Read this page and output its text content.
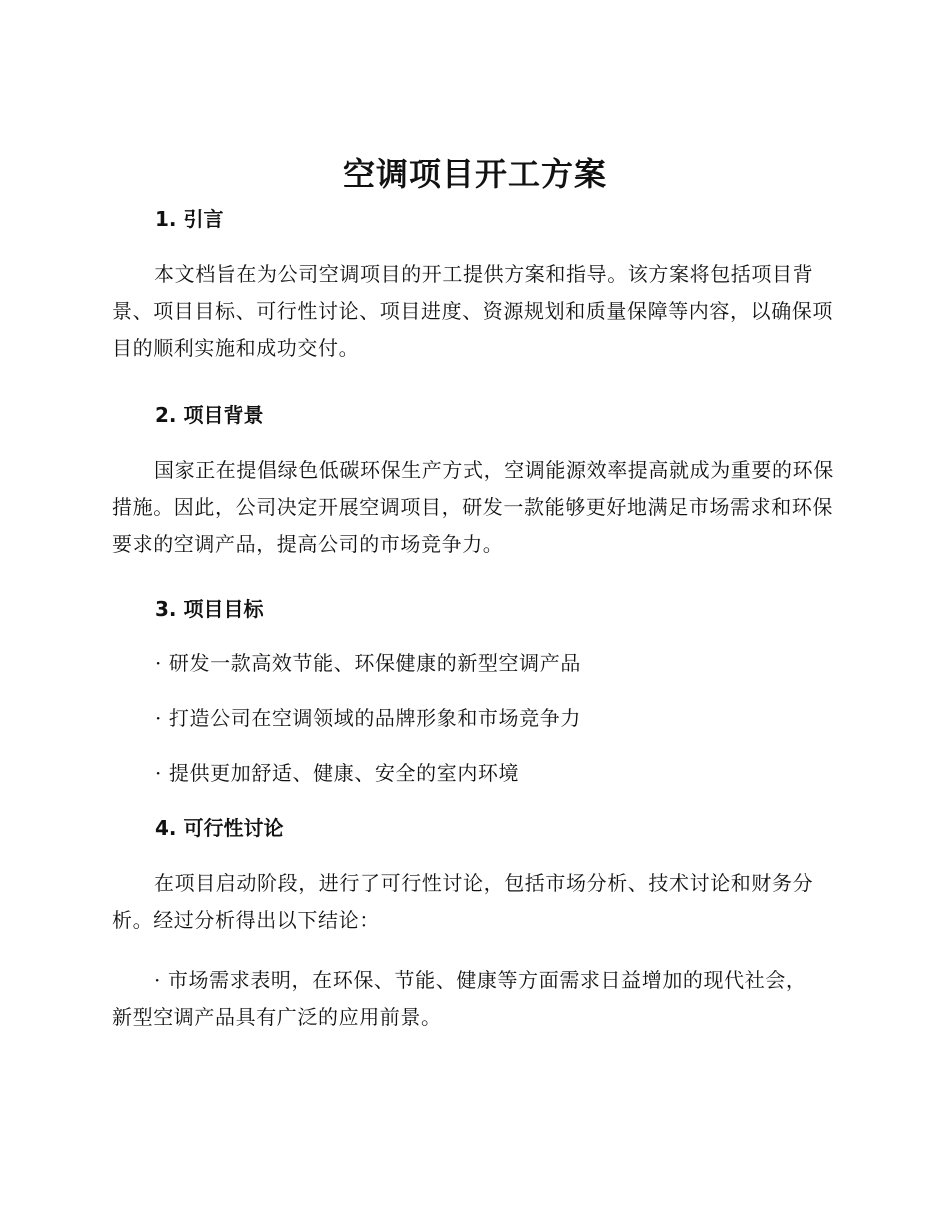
空调项目开工方案
1. 引言

本文档旨在为公司空调项目的开工提供方案和指导。该方案将包括项目背景、项目目标、可行性讨论、项目进度、资源规划和质量保障等内容，以确保项目的顺利实施和成功交付。

2. 项目背景

国家正在提倡绿色低碳环保生产方式，空调能源效率提高就成为重要的环保措施。因此，公司决定开展空调项目，研发一款能够更好地满足市场需求和环保要求的空调产品，提高公司的市场竞争力。

3. 项目目标

· 研发一款高效节能、环保健康的新型空调产品

· 打造公司在空调领域的品牌形象和市场竞争力

· 提供更加舒适、健康、安全的室内环境

4. 可行性讨论

在项目启动阶段，进行了可行性讨论，包括市场分析、技术讨论和财务分析。经过分析得出以下结论：

· 市场需求表明，在环保、节能、健康等方面需求日益增加的现代社会，新型空调产品具有广泛的应用前景。
